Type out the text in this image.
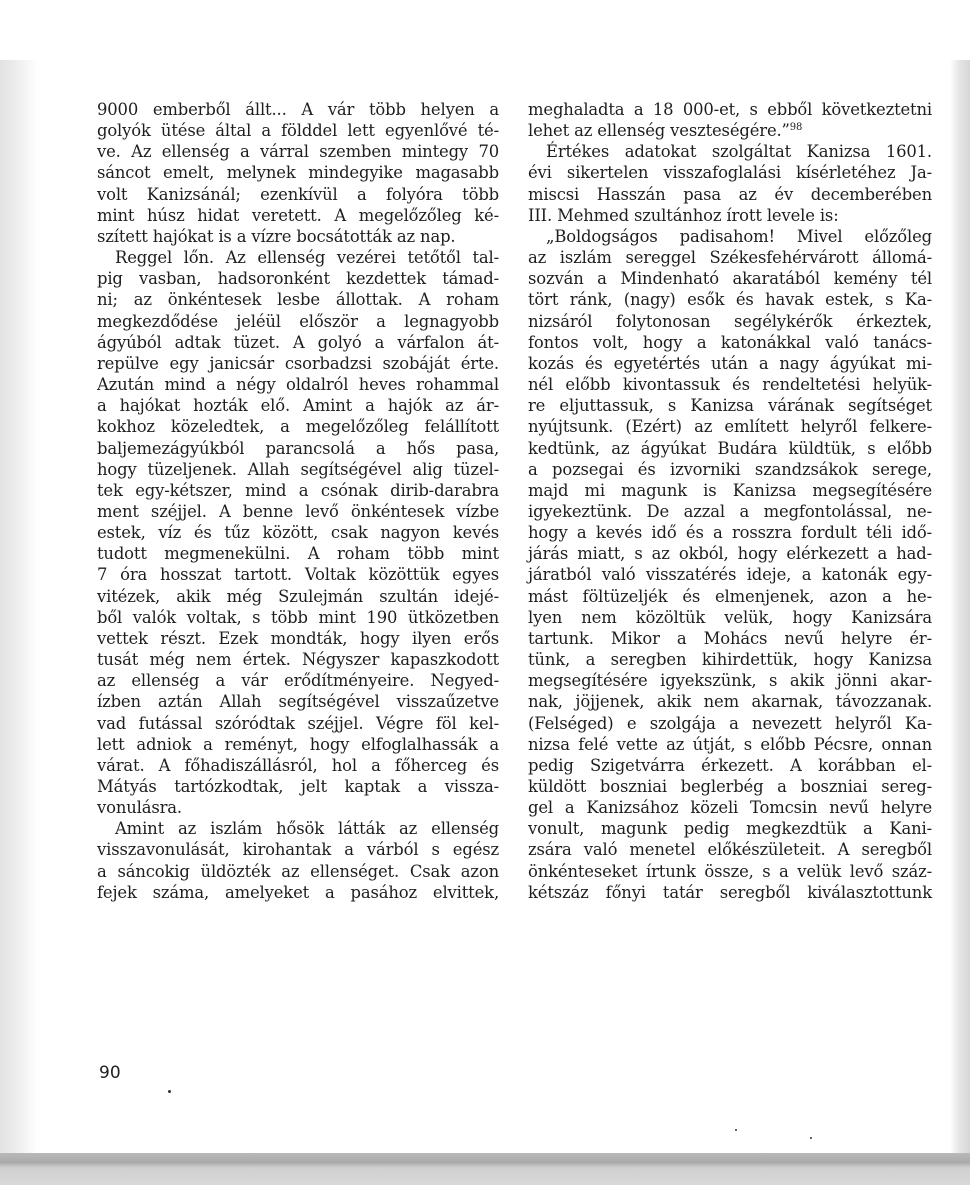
9000 emberből állt... A vár több helyen a
golyók ütése által a földdel lett egyenlővé té-
ve. Az ellenség a várral szemben mintegy 70
sáncot emelt, melynek mindegyike magasabb
volt Kanizsánál; ezenkívül a folyóra több
mint húsz hidat veretett. A megelőzőleg ké-
szített hajókat is a vízre bocsátották az nap.
Reggel lőn. Az ellenség vezérei tetőtől tal-
pig vasban, hadsoronként kezdettek támad-
ni; az önkéntesek lesbe állottak. A roham
megkezdődése jeléül először a legnagyobb
ágyúból adtak tüzet. A golyó a várfalon át-
repülve egy janicsár csorbadzsi szobáját érte.
Azután mind a négy oldalról heves rohammal
a hajókat hozták elő. Amint a hajók az ár-
kokhoz közeledtek, a megelőzőleg felállított
baljemezágyúkból parancsolá a hős pasa,
hogy tüzeljenek. Allah segítségével alig tüzel-
tek egy-kétszer, mind a csónak dirib-darabra
ment széjjel. A benne levő önkéntesek vízbe
estek, víz és tűz között, csak nagyon kevés
tudott megmenekülni. A roham több mint
7 óra hosszat tartott. Voltak közöttük egyes
vitézek, akik még Szulejmán szultán idejé-
ből valók voltak, s több mint 190 ütközetben
vettek részt. Ezek mondták, hogy ilyen erős
tusát még nem értek. Négyszer kapaszkodott
az ellenség a vár erődítményeire. Negyed-
ízben aztán Allah segítségével visszaűzetve
vad futással szóródtak széjjel. Végre föl kel-
lett adniok a reményt, hogy elfoglalhassák a
várat. A főhadiszállásról, hol a főherceg és
Mátyás tartózkodtak, jelt kaptak a vissza-
vonulásra.
Amint az iszlám hősök látták az ellenség
visszavonulását, kirohantak a várból s egész
a sáncokig üldözték az ellenséget. Csak azon
fejek száma, amelyeket a pasához elvittek,
meghaladta a 18 000-et, s ebből következtetni
lehet az ellenség veszteségére.”$^{98}$
Értékes adatokat szolgáltat Kanizsa 1601.
évi sikertelen visszafoglalási kísérletéhez Ja-
miscsi Hasszán pasa az év decemberében
III. Mehmed szultánhoz írott levele is:
„Boldogságos padisahom! Mivel előzőleg
az iszlám sereggel Székesfehérvárott állomá-
sozván a Mindenható akaratából kemény tél
tört ránk, (nagy) esők és havak estek, s Ka-
nizsáról folytonosan segélykérők érkeztek,
fontos volt, hogy a katonákkal való tanács-
kozás és egyetértés után a nagy ágyúkat mi-
nél előbb kivontassuk és rendeltetési helyük-
re eljuttassuk, s Kanizsa várának segítséget
nyújtsunk. (Ezért) az említett helyről felkere-
kedtünk, az ágyúkat Budára küldtük, s előbb
a pozsegai és izvorniki szandzsákok serege,
majd mi magunk is Kanizsa megsegítésére
igyekeztünk. De azzal a megfontolással, ne-
hogy a kevés idő és a rosszra fordult téli idő-
járás miatt, s az okból, hogy elérkezett a had-
járatból való visszatérés ideje, a katonák egy-
mást föltüzeljék és elmenjenek, azon a he-
lyen nem közöltük velük, hogy Kanizsára
tartunk. Mikor a Mohács nevű helyre ér-
tünk, a seregben kihirdettük, hogy Kanizsa
megsegítésére igyekszünk, s akik jönni akar-
nak, jöjjenek, akik nem akarnak, távozzanak.
(Felséged) e szolgája a nevezett helyről Ka-
nizsa felé vette az útját, s előbb Pécsre, onnan
pedig Szigetvárra érkezett. A korábban el-
küldött boszniai beglerbég a boszniai sereg-
gel a Kanizsához közeli Tomcsin nevű helyre
vonult, magunk pedig megkezdtük a Kani-
zsára való menetel előkészületeit. A seregből
önkénteseket írtunk össze, s a velük levő száz-
kétszáz főnyi tatár seregből kiválasztottunk
90
